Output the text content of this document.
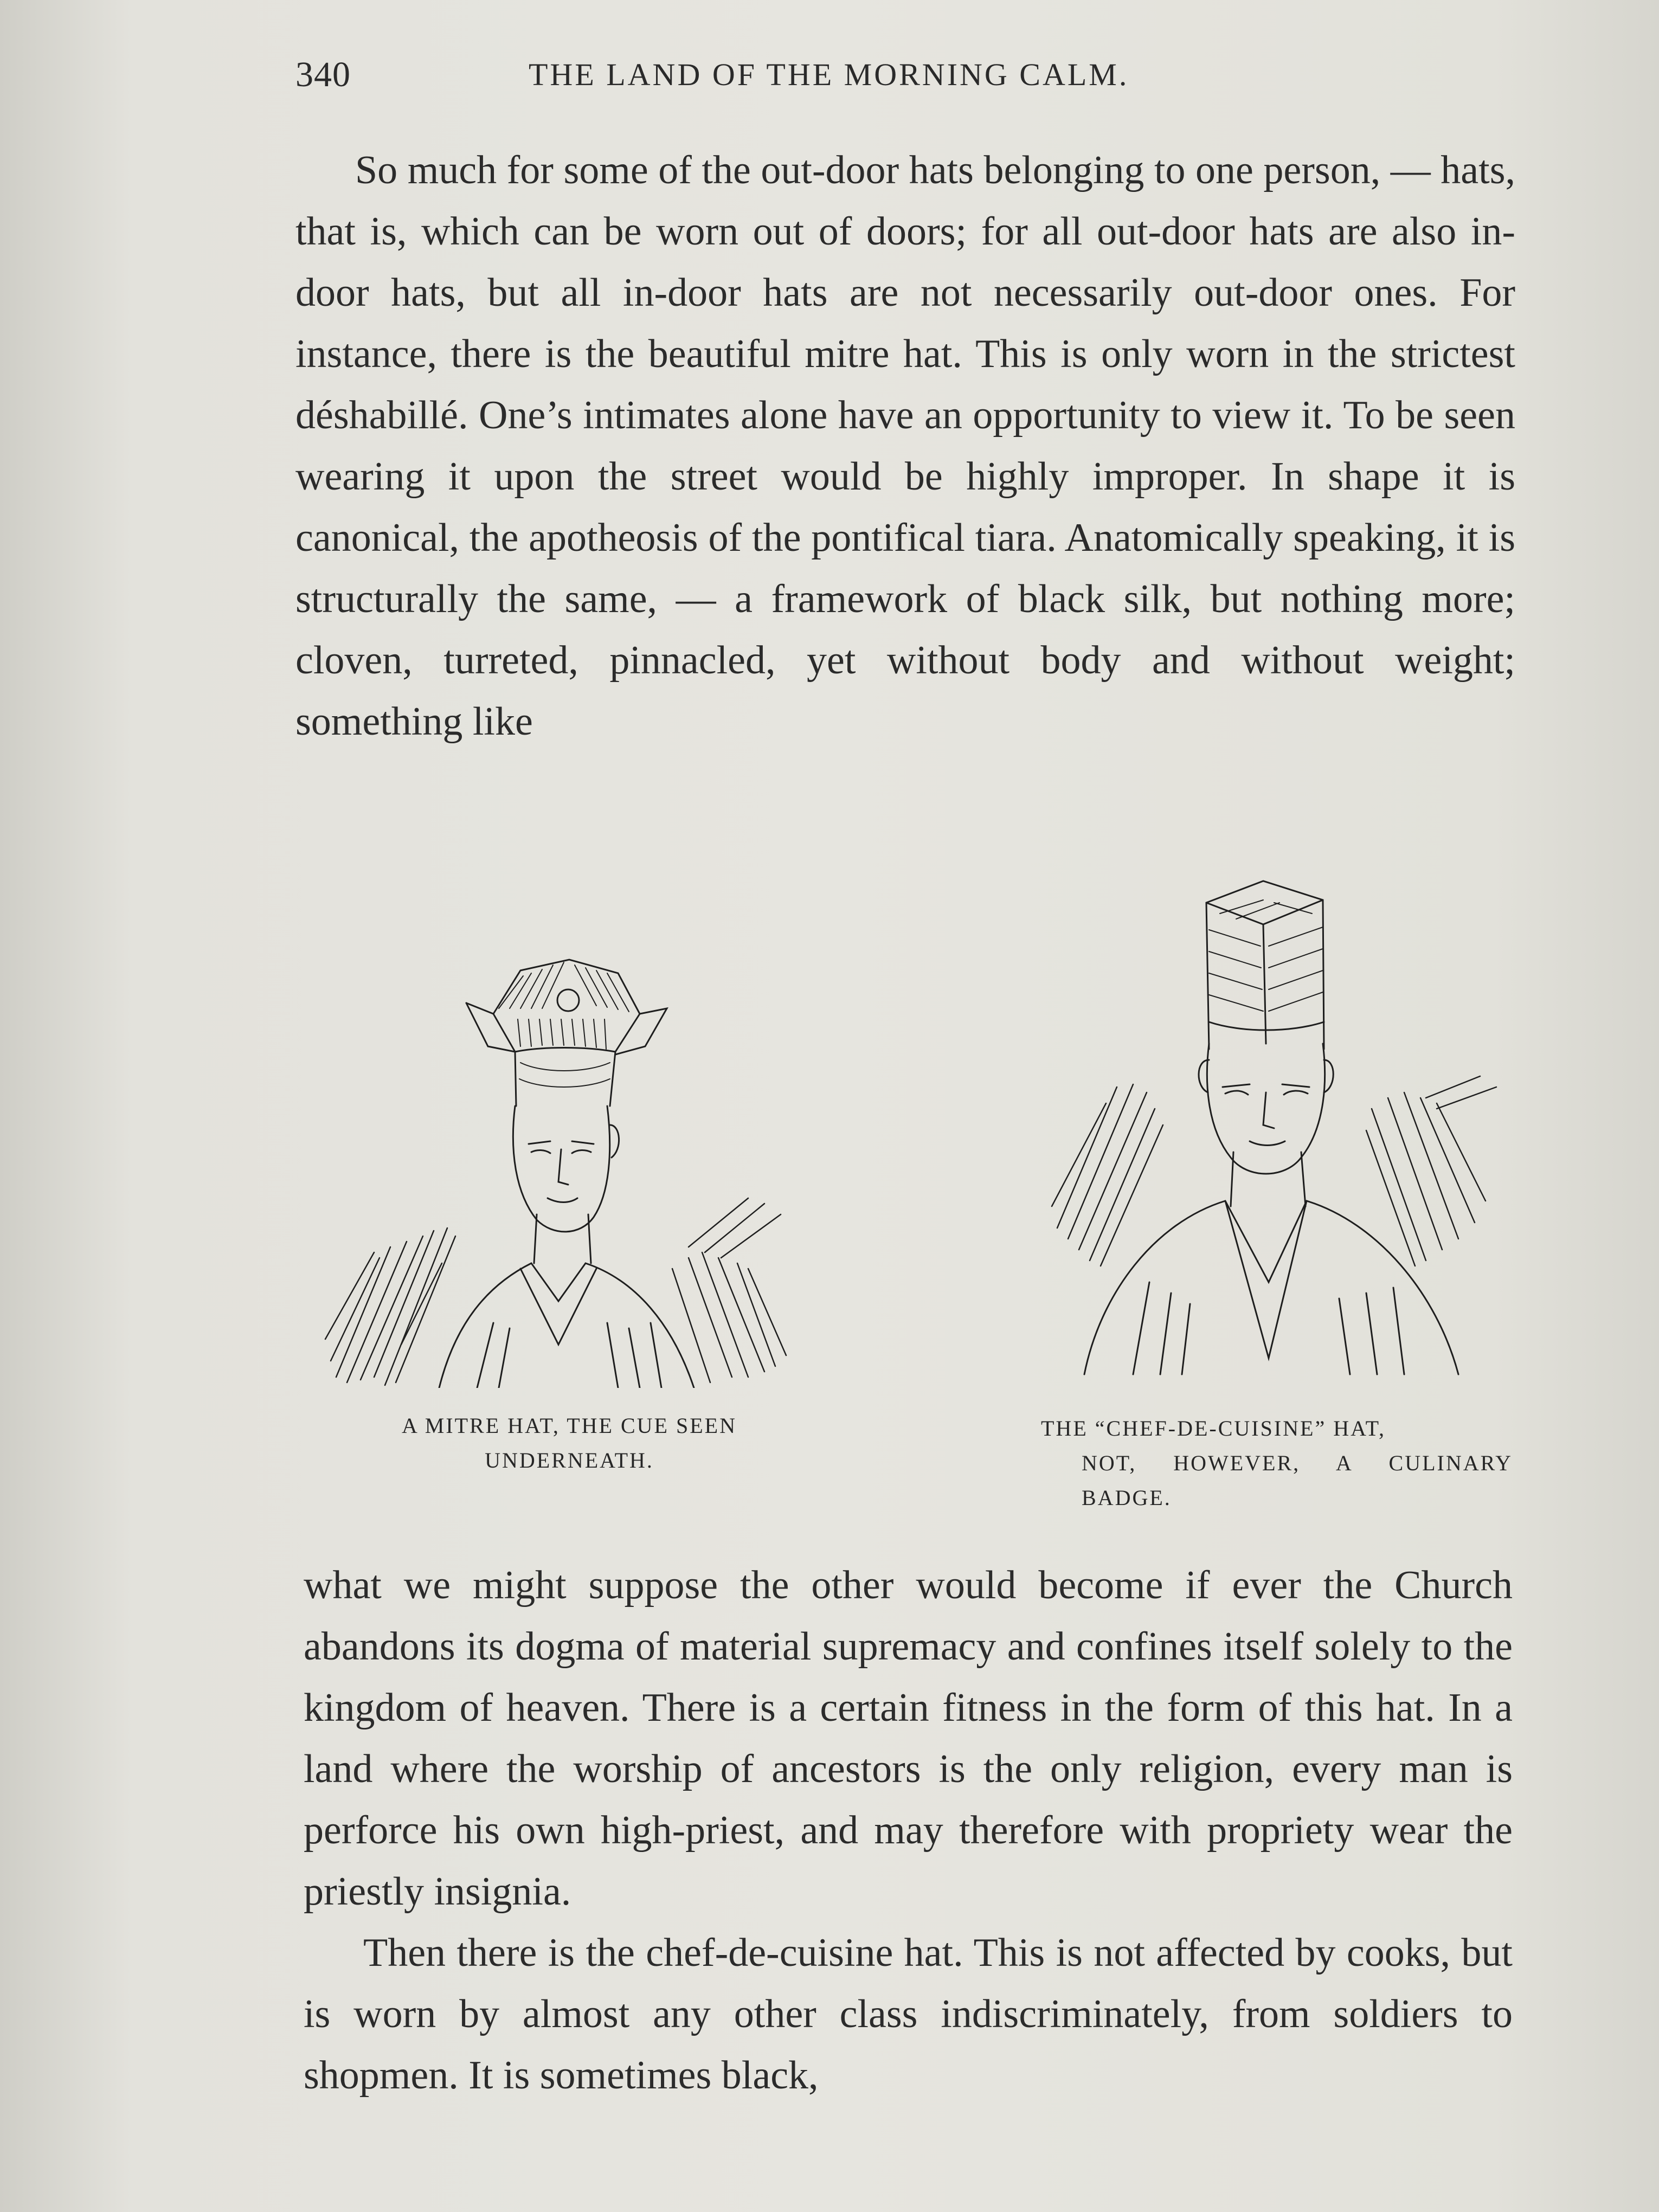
340	THE LAND OF THE MORNING CALM.

So much for some of the out-door hats belonging to one person, — hats, that is, which can be worn out of doors; for all out-door hats are also in-door hats, but all in-door hats are not necessarily out-door ones. For instance, there is the beautiful mitre hat. This is only worn in the strictest déshabillé. One’s intimates alone have an opportunity to view it. To be seen wearing it upon the street would be highly improper. In shape it is canonical, the apotheosis of the pontifical tiara. Anatomically speaking, it is structurally the same, — a framework of black silk, but nothing more; cloven, turreted, pinnacled, yet without body and without weight; something like

A MITRE HAT, THE CUE SEEN
UNDERNEATH.
THE “CHEF-DE-CUISINE” HAT,
NOT, HOWEVER, A CULINARY
BADGE.

what we might suppose the other would become if ever the Church abandons its dogma of material supremacy and confines itself solely to the kingdom of heaven. There is a certain fitness in the form of this hat. In a land where the worship of ancestors is the only religion, every man is perforce his own high-priest, and may therefore with propriety wear the priestly insignia.

Then there is the chef-de-cuisine hat. This is not affected by cooks, but is worn by almost any other class indiscriminately, from soldiers to shopmen. It is sometimes black,
